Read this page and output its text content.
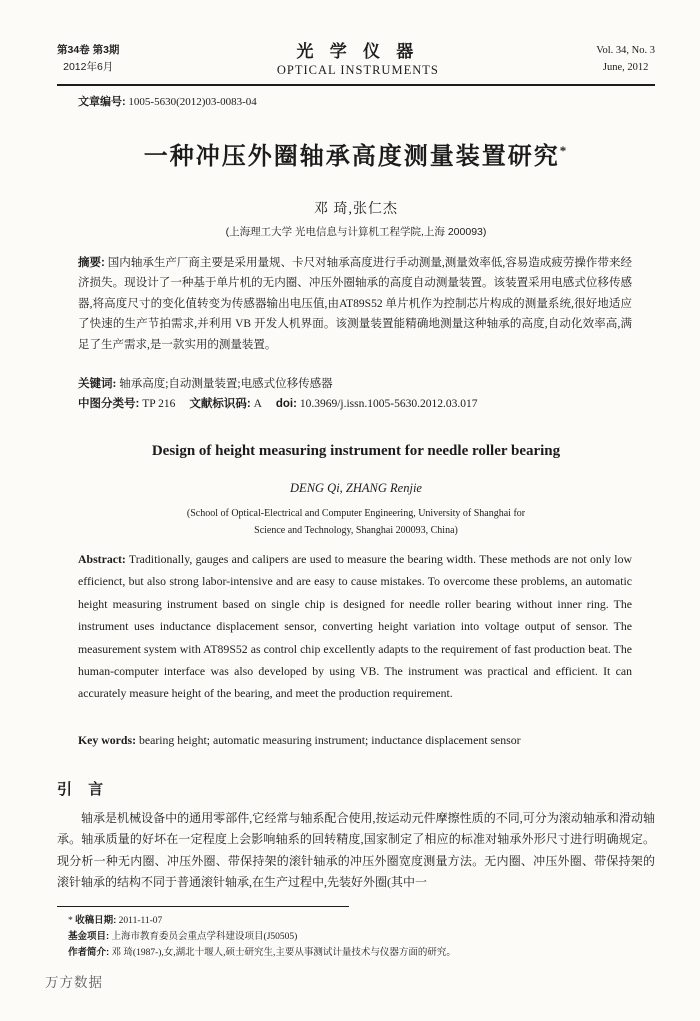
第34卷 第3期
2012年6月
光 学 仪 器
OPTICAL INSTRUMENTS
Vol. 34, No. 3
June, 2012
文章编号: 1005-5630(2012)03-0083-04
一种冲压外圈轴承高度测量装置研究*
邓 琦,张仁杰
(上海理工大学 光电信息与计算机工程学院,上海 200093)
摘要: 国内轴承生产厂商主要是采用量规、卡尺对轴承高度进行手动测量,测量效率低,容易造成疲劳操作带来经济损失。现设计了一种基于单片机的无内圈、冲压外圈轴承的高度自动测量装置。该装置采用电感式位移传感器,将高度尺寸的变化值转变为传感器输出电压值,由AT89S52 单片机作为控制芯片构成的测量系统,很好地适应了快速的生产节拍需求,并利用 VB 开发人机界面。该测量装置能精确地测量这种轴承的高度,自动化效率高,满足了生产需求,是一款实用的测量装置。
关键词: 轴承高度;自动测量装置;电感式位移传感器
中图分类号: TP 216 文献标识码: A doi: 10.3969/j.issn.1005-5630.2012.03.017
Design of height measuring instrument for needle roller bearing
DENG Qi, ZHANG Renjie
(School of Optical-Electrical and Computer Engineering, University of Shanghai for
Science and Technology, Shanghai 200093, China)
Abstract: Traditionally, gauges and calipers are used to measure the bearing width. These methods are not only low efficienct, but also strong labor-intensive and are easy to cause mistakes. To overcome these problems, an automatic height measuring instrument based on single chip is designed for needle roller bearing without inner ring. The instrument uses inductance displacement sensor, converting height variation into voltage output of sensor. The measurement system with AT89S52 as control chip excellently adapts to the requirement of fast production beat. The human-computer interface was also developed by using VB. The instrument was practical and efficient. It can accurately measure height of the bearing, and meet the production requirement.
Key words: bearing height; automatic measuring instrument; inductance displacement sensor
引 言
轴承是机械设备中的通用零部件,它经常与轴系配合使用,按运动元件摩擦性质的不同,可分为滚动轴承和滑动轴承。轴承质量的好坏在一定程度上会影响轴系的回转精度,国家制定了相应的标准对轴承外形尺寸进行明确规定。现分析一种无内圈、冲压外圈、带保持架的滚针轴承的冲压外圈宽度测量方法。无内圈、冲压外圈、带保持架的滚针轴承的结构不同于普通滚针轴承,在生产过程中,先装好外圈(其中一

* 收稿日期: 2011-11-07

基金项目: 上海市教育委员会重点学科建设项目(J50505)

作者简介: 邓 琦(1987-),女,湖北十堰人,硕士研究生,主要从事测试计量技术与仪器方面的研究。

万方数据
